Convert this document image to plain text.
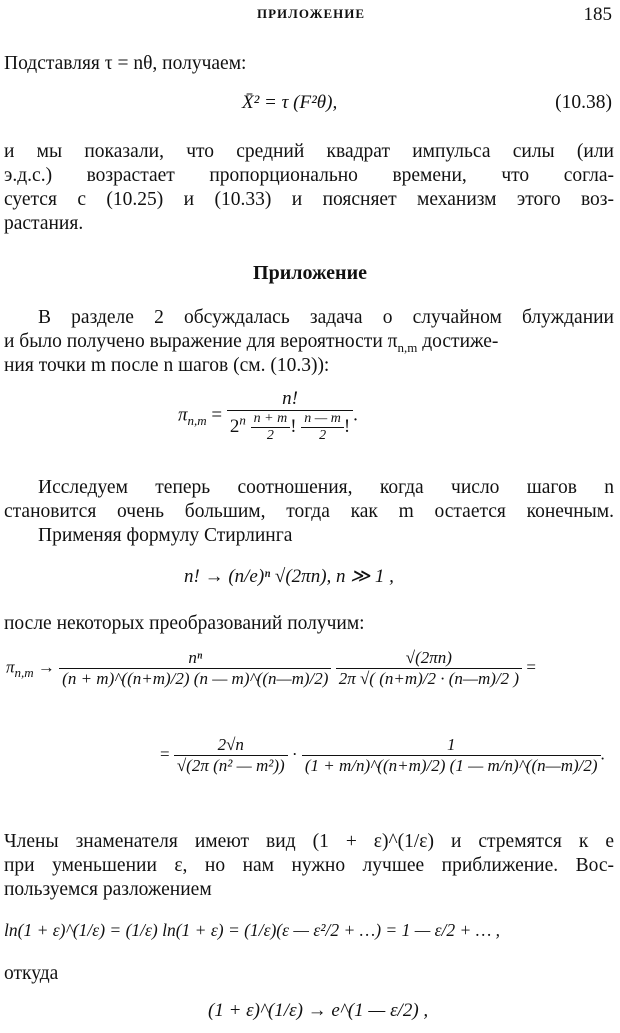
ПРИЛОЖЕНИЕ	185
Подставляя τ = nθ, получаем:
X̄² = τ (F²θ),	(10.38)
и мы показали, что средний квадрат импульса силы (или
э.д.с.) возрастает пропорционально времени, что согла-
суется с (10.25) и (10.33) и поясняет механизм этого воз-
растания.
Приложение
В разделе 2 обсуждалась задача о случайном блуждании
и было получено выражение для вероятности $\pi_{n,m}$ достиже-
ния точки m после n шагов (см. (10.3)):
$\pi_{n,m} = \frac{n!}{2^n \frac{n + m}{2} ! \frac{n — m}{2} !}$ .
Исследуем теперь соотношения, когда число шагов n
становится очень большим, тогда как m остается конечным.
Применяя формулу Стирлинга
n! → (n/e)ⁿ √(2πn), n ≫ 1 ,
после некоторых преобразований получим:
$\pi_{n,m} \to \frac{\text{nⁿ}}{(n + m)\^{}((n+m)/2) (n — m)\^{}((n—m)/2)}$
$\frac{√(2\pi n)}{2\pi √( (n+m)/2 \cdot (n—m)/2 )}$ =
= $\frac{2√n}{\text{√(2π (n² — m²))}} \cdot \frac{1}{(1 + m/n)\^{}((n+m)/2) (1 — m/n)\^{}((n—m)/2)}$ .
Члены знаменателя имеют вид (1 + ε)^(1/ε) и стремятся к e
при уменьшении ε, но нам нужно лучшее приближение. Вос-
пользуемся разложением
ln(1 + ε)^(1/ε) = (1/ε) ln(1 + ε) = (1/ε)(ε — ε²/2 + …) = 1 — ε/2 + … ,
откуда
(1 + ε)^(1/ε) → e^(1 — ε/2) ,
